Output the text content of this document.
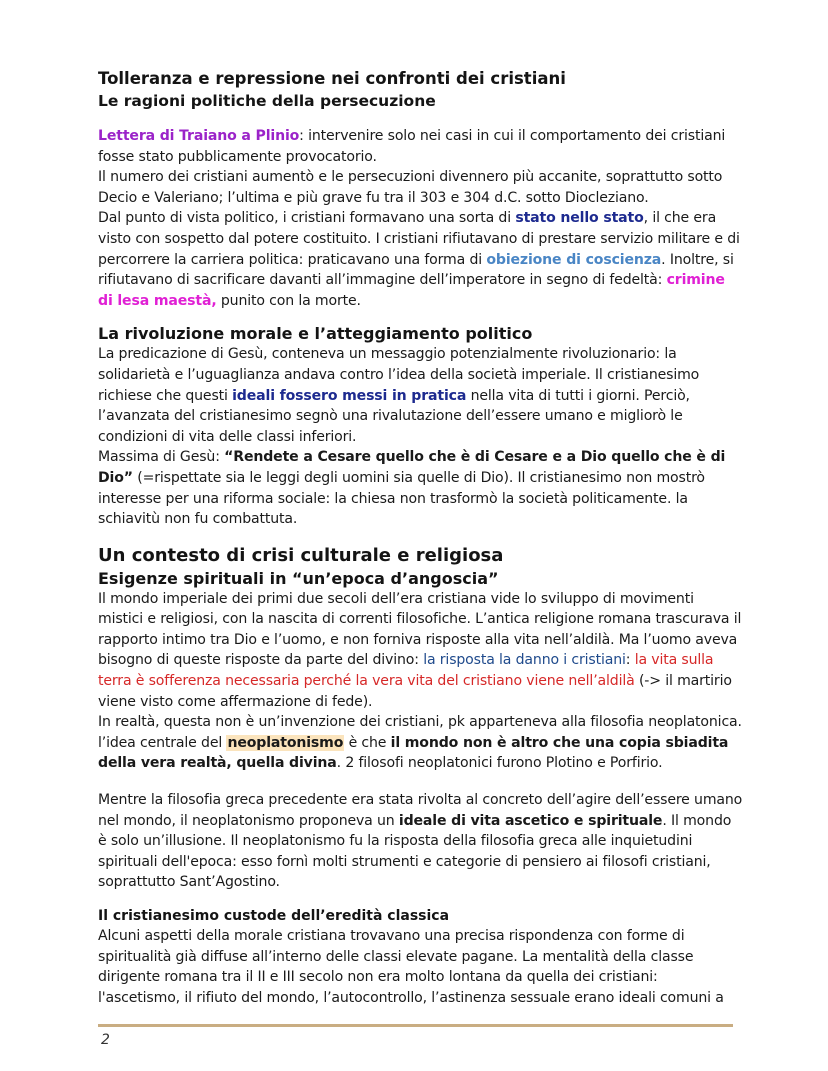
Tolleranza e repressione nei confronti dei cristiani
Le ragioni politiche della persecuzione

Lettera di Traiano a Plinio: intervenire solo nei casi in cui il comportamento dei cristiani fosse stato pubblicamente provocatorio.

Il numero dei cristiani aumentò e le persecuzioni divennero più accanite, soprattutto sotto Decio e Valeriano; l’ultima e più grave fu tra il 303 e 304 d.C. sotto Diocleziano.

Dal punto di vista politico, i cristiani formavano una sorta di stato nello stato, il che era visto con sospetto dal potere costituito. I cristiani rifiutavano di prestare servizio militare e di percorrere la carriera politica: praticavano una forma di obiezione di coscienza. Inoltre, si rifiutavano di sacrificare davanti all’immagine dell’imperatore in segno di fedeltà: crimine di lesa maestà, punito con la morte.

La rivoluzione morale e l’atteggiamento politico

La predicazione di Gesù, conteneva un messaggio potenzialmente rivoluzionario: la solidarietà e l’uguaglianza andava contro l’idea della società imperiale. Il cristianesimo richiese che questi ideali fossero messi in pratica nella vita di tutti i giorni. Perciò, l’avanzata del cristianesimo segnò una rivalutazione dell’essere umano e migliorò le condizioni di vita delle classi inferiori.

Massima di Gesù: “Rendete a Cesare quello che è di Cesare e a Dio quello che è di Dio” (=rispettate sia le leggi degli uomini sia quelle di Dio). Il cristianesimo non mostrò interesse per una riforma sociale: la chiesa non trasformò la società politicamente. la schiavitù non fu combattuta.

Un contesto di crisi culturale e religiosa
Esigenze spirituali in “un’epoca d’angoscia”

Il mondo imperiale dei primi due secoli dell’era cristiana vide lo sviluppo di movimenti mistici e religiosi, con la nascita di correnti filosofiche. L’antica religione romana trascurava il rapporto intimo tra Dio e l’uomo, e non forniva risposte alla vita nell’aldilà. Ma l’uomo aveva bisogno di queste risposte da parte del divino: la risposta la danno i cristiani: la vita sulla terra è sofferenza necessaria perché la vera vita del cristiano viene nell’aldilà (-> il martirio viene visto come affermazione di fede).

In realtà, questa non è un’invenzione dei cristiani, pk apparteneva alla filosofia neoplatonica. l’idea centrale del neoplatonismo è che il mondo non è altro che una copia sbiadita della vera realtà, quella divina. 2 filosofi neoplatonici furono Plotino e Porfirio.

Mentre la filosofia greca precedente era stata rivolta al concreto dell’agire dell’essere umano nel mondo, il neoplatonismo proponeva un ideale di vita ascetico e spirituale. Il mondo è solo un’illusione. Il neoplatonismo fu la risposta della filosofia greca alle inquietudini spirituali dell'epoca: esso fornì molti strumenti e categorie di pensiero ai filosofi cristiani, soprattutto Sant’Agostino.

Il cristianesimo custode dell’eredità classica

Alcuni aspetti della morale cristiana trovavano una precisa rispondenza con forme di spiritualità già diffuse all’interno delle classi elevate pagane. La mentalità della classe dirigente romana tra il II e III secolo non era molto lontana da quella dei cristiani: l'ascetismo, il rifiuto del mondo, l’autocontrollo, l’astinenza sessuale erano ideali comuni a

2
